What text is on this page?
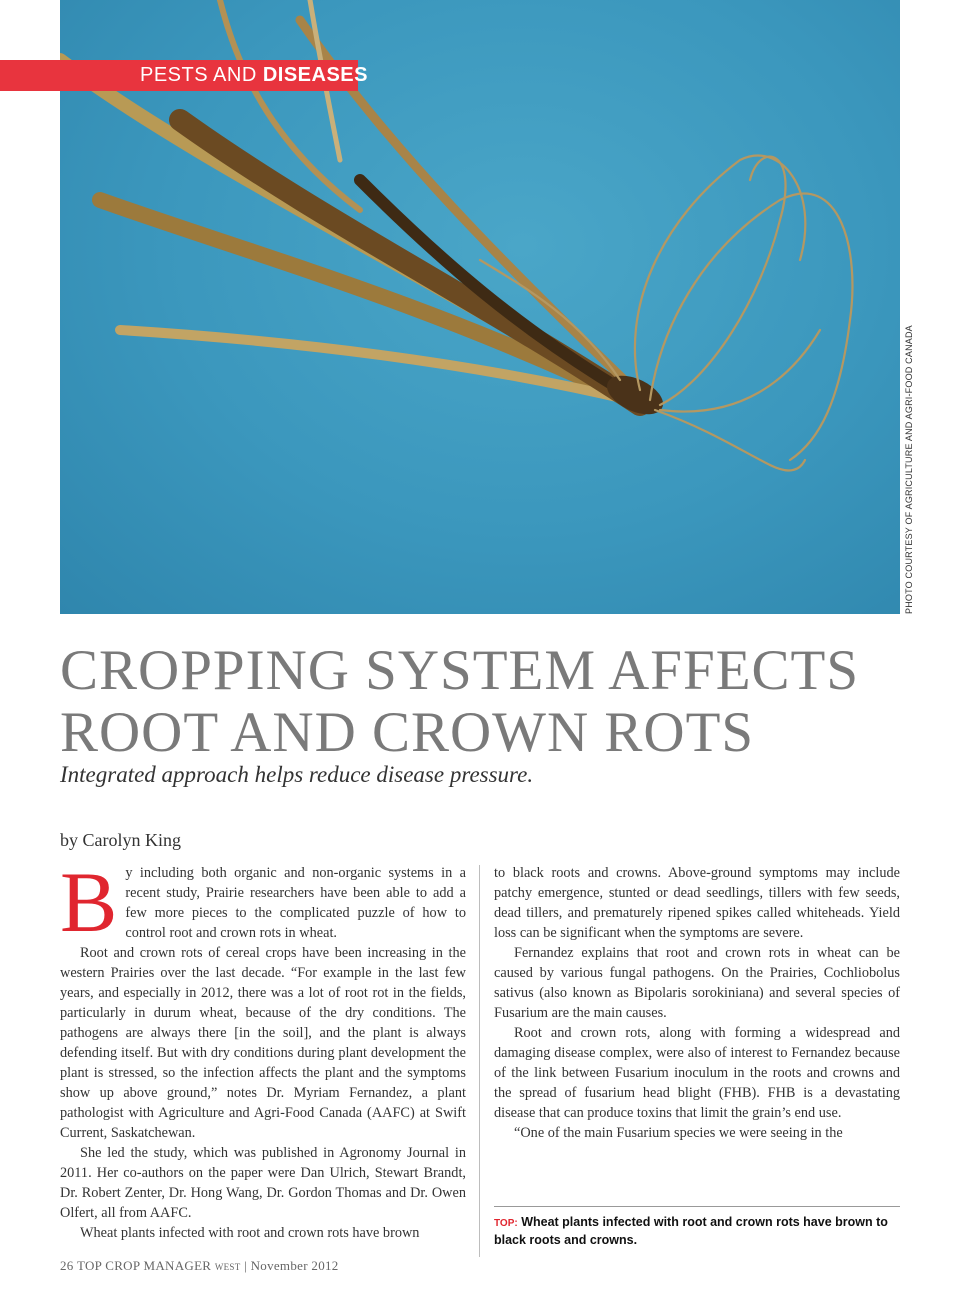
PESTS AND DISEASES
PHOTO COURTESY OF AGRICULTURE AND AGRI-FOOD CANADA
CROPPING SYSTEM AFFECTS
ROOT AND CROWN ROTS
Integrated approach helps reduce disease pressure.
by Carolyn King
B y including both organic and non-organic systems in a recent study, Prairie researchers have been able to add a few more pieces to the complicated puzzle of how to control root and crown rots in wheat.

Root and crown rots of cereal crops have been increasing in the western Prairies over the last decade. “For example in the last few years, and especially in 2012, there was a lot of root rot in the fields, particularly in durum wheat, because of the dry conditions. The pathogens are always there [in the soil], and the plant is always defending itself. But with dry conditions during plant development the plant is stressed, so the infection affects the plant and the symptoms show up above ground,” notes Dr. Myriam Fernandez, a plant pathologist with Agriculture and Agri-Food Canada (AAFC) at Swift Current, Saskatchewan.

She led the study, which was published in Agronomy Journal in 2011. Her co-authors on the paper were Dan Ulrich, Stewart Brandt, Dr. Robert Zenter, Dr. Hong Wang, Dr. Gordon Thomas and Dr. Owen Olfert, all from AAFC.

Wheat plants infected with root and crown rots have brown

to black roots and crowns. Above-ground symptoms may include patchy emergence, stunted or dead seedlings, tillers with few seeds, dead tillers, and prematurely ripened spikes called whiteheads. Yield loss can be significant when the symptoms are severe.

Fernandez explains that root and crown rots in wheat can be caused by various fungal pathogens. On the Prairies, Cochliobolus sativus (also known as Bipolaris sorokiniana) and several species of Fusarium are the main causes.

Root and crown rots, along with forming a widespread and damaging disease complex, were also of interest to Fernandez because of the link between Fusarium inoculum in the roots and crowns and the spread of fusarium head blight (FHB). FHB is a devastating disease that can produce toxins that limit the grain’s end use.

“One of the main Fusarium species we were seeing in the

TOP: Wheat plants infected with root and crown rots have brown to black roots and crowns.
26 TOP CROP MANAGER WEST | November 2012
